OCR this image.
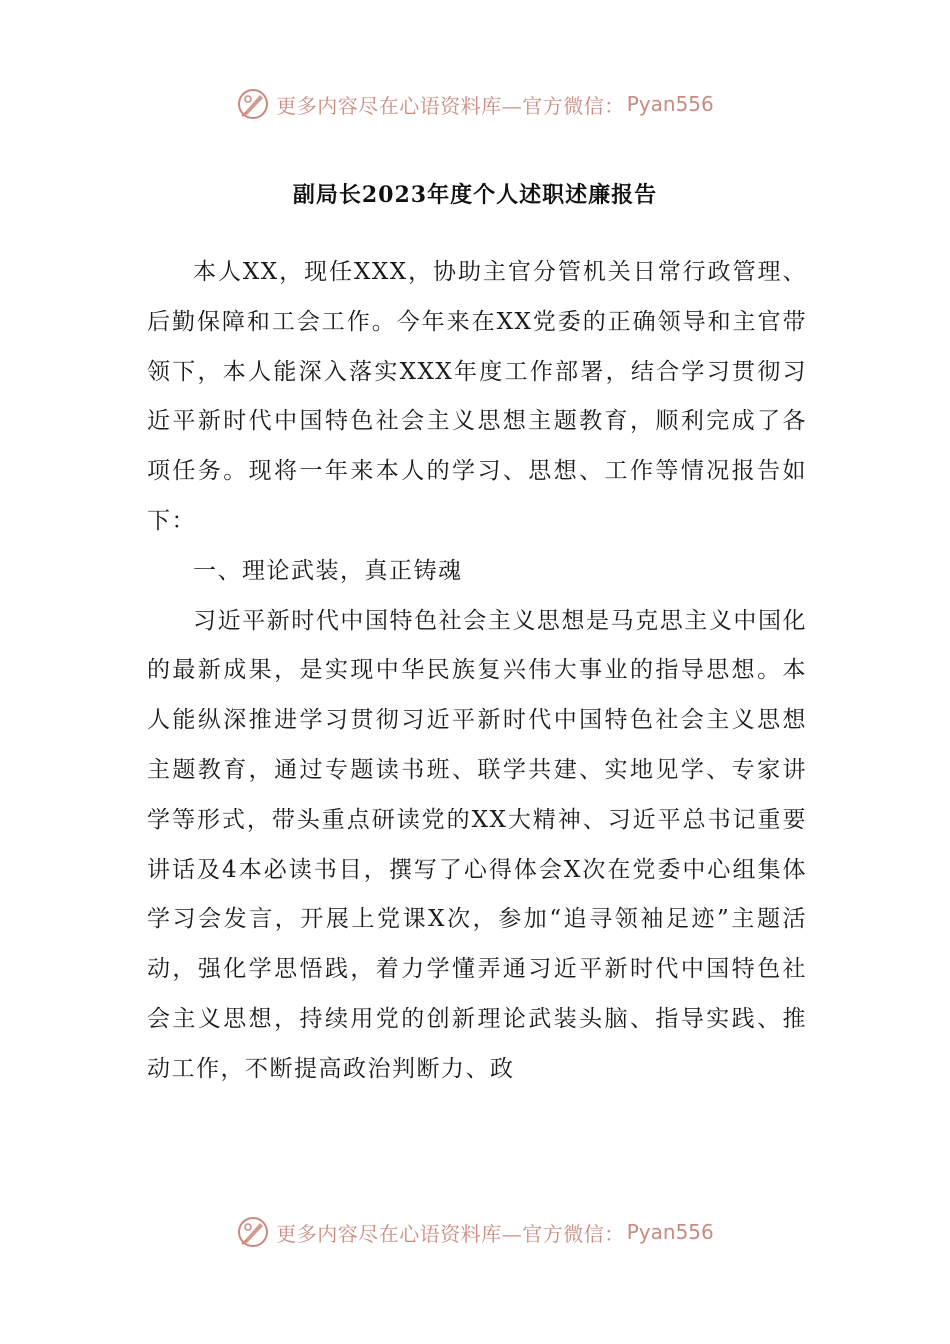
更多内容尽在心语资料库—官方微信： Pyan556
副局长2023年度个人述职述廉报告

本人XX，现任XXX，协助主官分管机关日常行政管理、后勤保障和工会工作。今年来在XX党委的正确领导和主官带领下，本人能深入落实XXX年度工作部署，结合学习贯彻习近平新时代中国特色社会主义思想主题教育，顺利完成了各项任务。现将一年来本人的学习、思想、工作等情况报告如下：

一、理论武装，真正铸魂

习近平新时代中国特色社会主义思想是马克思主义中国化的最新成果，是实现中华民族复兴伟大事业的指导思想。本人能纵深推进学习贯彻习近平新时代中国特色社会主义思想主题教育，通过专题读书班、联学共建、实地见学、专家讲学等形式，带头重点研读党的XX大精神、习近平总书记重要讲话及4本必读书目，撰写了心得体会X次在党委中心组集体学习会发言，开展上党课X次，参加“追寻领袖足迹”主题活动，强化学思悟践，着力学懂弄通习近平新时代中国特色社会主义思想，持续用党的创新理论武装头脑、指导实践、推动工作，不断提高政治判断力、政

更多内容尽在心语资料库—官方微信： Pyan556
